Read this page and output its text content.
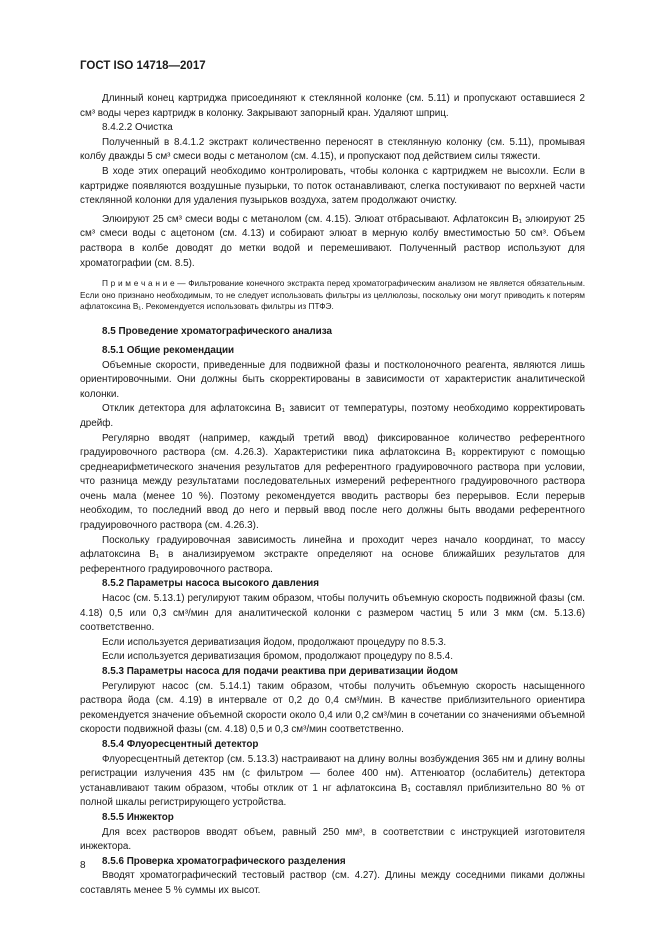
ГОСТ ISO 14718—2017

Длинный конец картриджа присоединяют к стеклянной колонке (см. 5.11) и пропускают оставшиеся 2 см³ воды через картридж в колонку. Закрывают запорный кран. Удаляют шприц.

8.4.2.2 Очистка

Полученный в 8.4.1.2 экстракт количественно переносят в стеклянную колонку (см. 5.11), промывая колбу дважды 5 см³ смеси воды с метанолом (см. 4.15), и пропускают под действием силы тяжести.

В ходе этих операций необходимо контролировать, чтобы колонка с картриджем не высохли. Если в картридже появляются воздушные пузырьки, то поток останавливают, слегка постукивают по верхней части стеклянной колонки для удаления пузырьков воздуха, затем продолжают очистку.

Элюируют 25 см³ смеси воды с метанолом (см. 4.15). Элюат отбрасывают. Афлатоксин B₁ элюируют 25 см³ смеси воды с ацетоном (см. 4.13) и собирают элюат в мерную колбу вместимостью 50 см³. Объем раствора в колбе доводят до метки водой и перемешивают. Полученный раствор используют для хроматографии (см. 8.5).

П р и м е ч а н и е — Фильтрование конечного экстракта перед хроматографическим анализом не является обязательным. Если оно признано необходимым, то не следует использовать фильтры из целлюлозы, поскольку они могут приводить к потерям афлатоксина B₁. Рекомендуется использовать фильтры из ПТФЭ.

8.5 Проведение хроматографического анализа

8.5.1 Общие рекомендации

Объемные скорости, приведенные для подвижной фазы и постколоночного реагента, являются лишь ориентировочными. Они должны быть скорректированы в зависимости от характеристик аналитической колонки.

Отклик детектора для афлатоксина B₁ зависит от температуры, поэтому необходимо корректировать дрейф.

Регулярно вводят (например, каждый третий ввод) фиксированное количество референтного градуировочного раствора (см. 4.26.3). Характеристики пика афлатоксина B₁ корректируют с помощью среднеарифметического значения результатов для референтного градуировочного раствора при условии, что разница между результатами последовательных измерений референтного градуировочного раствора очень мала (менее 10 %). Поэтому рекомендуется вводить растворы без перерывов. Если перерыв необходим, то последний ввод до него и первый ввод после него должны быть вводами референтного градуировочного раствора (см. 4.26.3).

Поскольку градуировочная зависимость линейна и проходит через начало координат, то массу афлатоксина B₁ в анализируемом экстракте определяют на основе ближайших результатов для референтного градуировочного раствора.

8.5.2 Параметры насоса высокого давления

Насос (см. 5.13.1) регулируют таким образом, чтобы получить объемную скорость подвижной фазы (см. 4.18) 0,5 или 0,3 см³/мин для аналитической колонки с размером частиц 5 или 3 мкм (см. 5.13.6) соответственно.

Если используется дериватизация йодом, продолжают процедуру по 8.5.3.

Если используется дериватизация бромом, продолжают процедуру по 8.5.4.

8.5.3 Параметры насоса для подачи реактива при дериватизации йодом

Регулируют насос (см. 5.14.1) таким образом, чтобы получить объемную скорость насыщенного раствора йода (см. 4.19) в интервале от 0,2 до 0,4 см³/мин. В качестве приблизительного ориентира рекомендуется значение объемной скорости около 0,4 или 0,2 см³/мин в сочетании со значениями объемной скорости подвижной фазы (см. 4.18) 0,5 и 0,3 см³/мин соответственно.

8.5.4 Флуоресцентный детектор

Флуоресцентный детектор (см. 5.13.3) настраивают на длину волны возбуждения 365 нм и длину волны регистрации излучения 435 нм (с фильтром — более 400 нм). Аттенюатор (ослабитель) детектора устанавливают таким образом, чтобы отклик от 1 нг афлатоксина B₁ составлял приблизительно 80 % от полной шкалы регистрирующего устройства.

8.5.5 Инжектор

Для всех растворов вводят объем, равный 250 мм³, в соответствии с инструкцией изготовителя инжектора.

8.5.6 Проверка хроматографического разделения

Вводят хроматографический тестовый раствор (см. 4.27). Длины между соседними пиками должны составлять менее 5 % суммы их высот.

8
